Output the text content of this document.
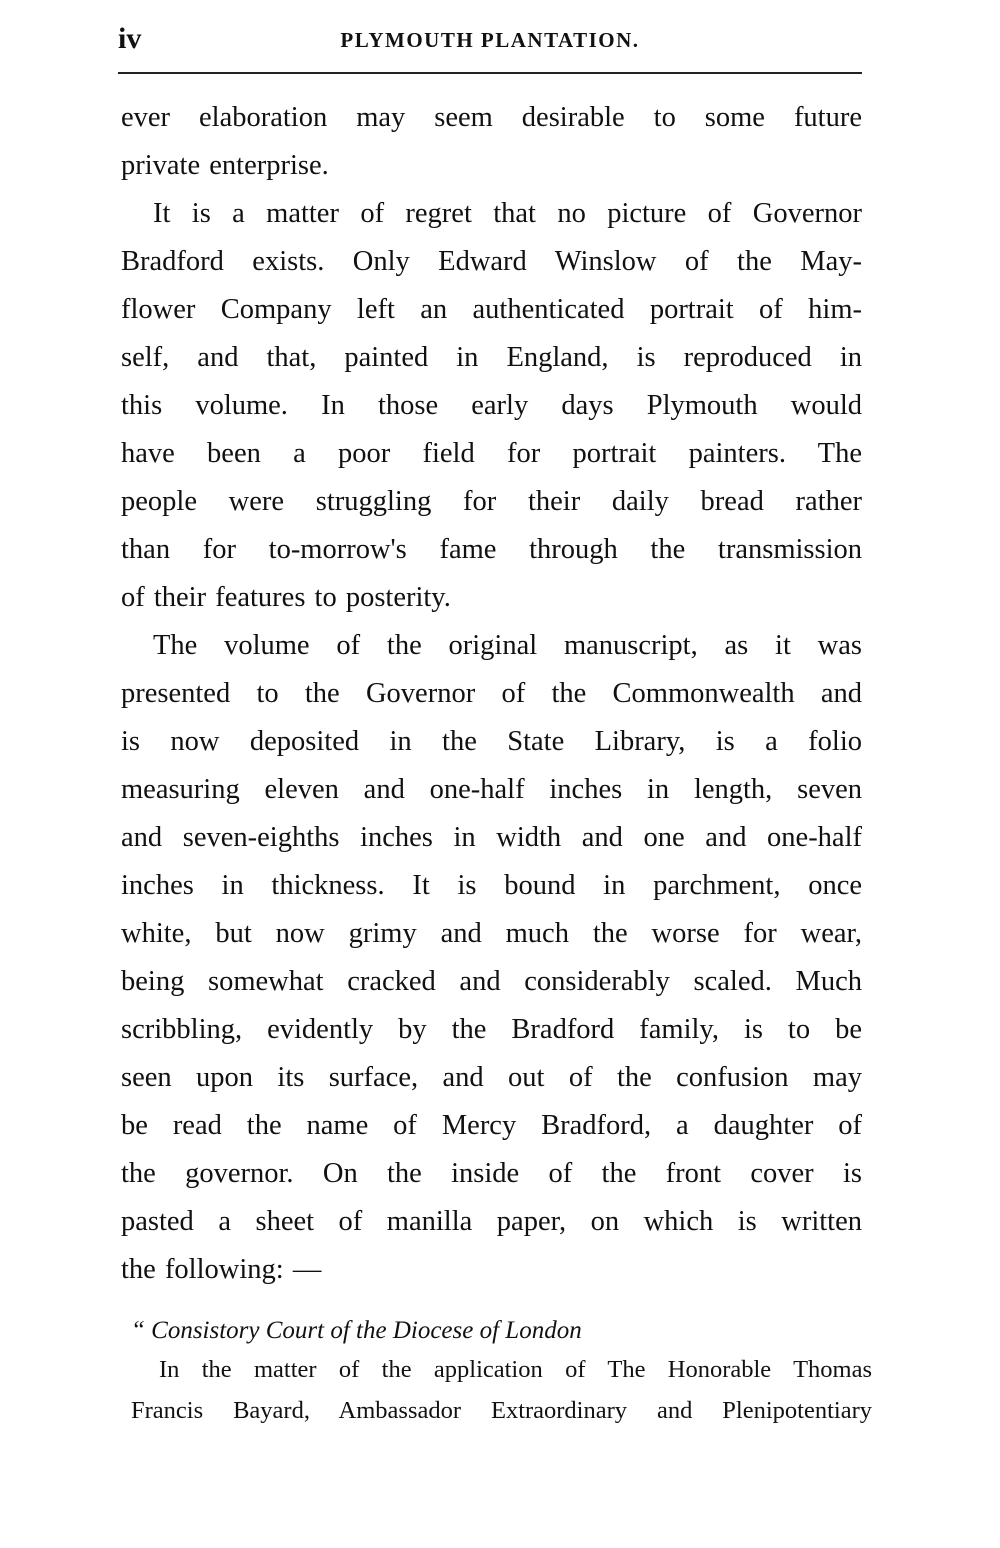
iv	PLYMOUTH PLANTATION.
ever elaboration may seem desirable to some future
private enterprise.
It is a matter of regret that no picture of Governor
Bradford exists. Only Edward Winslow of the May-
flower Company left an authenticated portrait of him-
self, and that, painted in England, is reproduced in
this volume. In those early days Plymouth would
have been a poor field for portrait painters. The
people were struggling for their daily bread rather
than for to-morrow's fame through the transmission
of their features to posterity.
The volume of the original manuscript, as it was
presented to the Governor of the Commonwealth and
is now deposited in the State Library, is a folio
measuring eleven and one-half inches in length, seven
and seven-eighths inches in width and one and one-half
inches in thickness. It is bound in parchment, once
white, but now grimy and much the worse for wear,
being somewhat cracked and considerably scaled. Much
scribbling, evidently by the Bradford family, is to be
seen upon its surface, and out of the confusion may
be read the name of Mercy Bradford, a daughter of
the governor. On the inside of the front cover is
pasted a sheet of manilla paper, on which is written
the following: —
“ Consistory Court of the Diocese of London
In the matter of the application of The Honorable Thomas
Francis Bayard, Ambassador Extraordinary and Plenipotentiary
